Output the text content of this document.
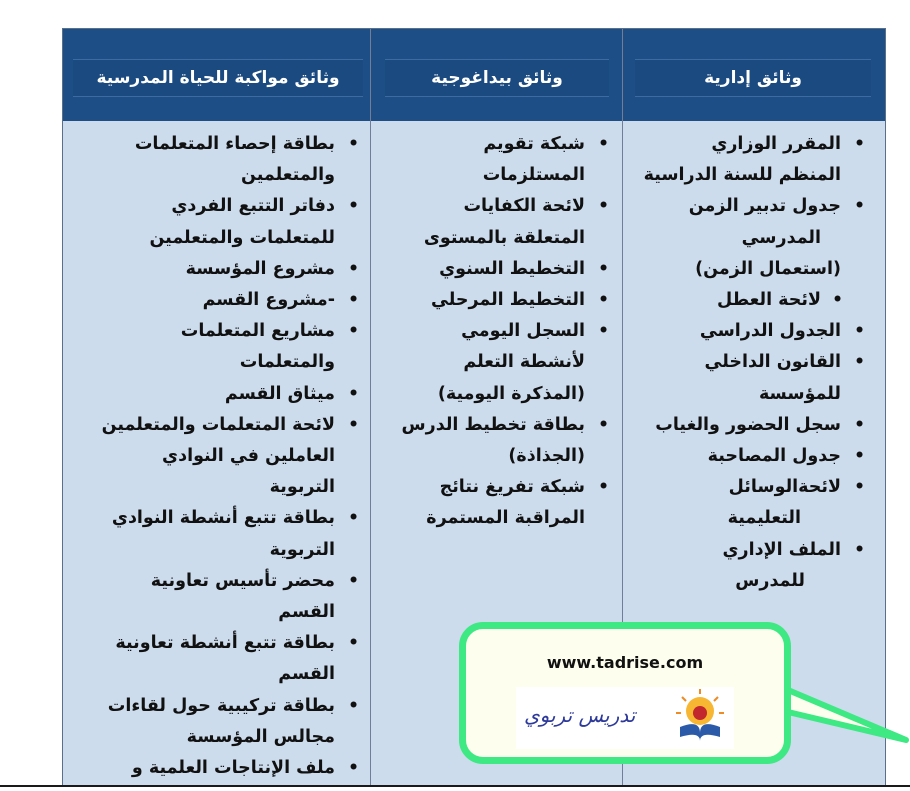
وثائق إدارية
وثائق بيداغوجية
وثائق مواكبة للحياة المدرسية
• المقرر الوزاري
المنظم للسنة الدراسية
• جدول تدبير الزمن
المدرسي
(استعمال الزمن)
• لائحة العطل
• الجدول الدراسي
• القانون الداخلي
للمؤسسة
• سجل الحضور والغياب
• جدول المصاحبة
• لائحةالوسائل
التعليمية
• الملف الإداري
للمدرس
• شبكة تقويم
المستلزمات
• لائحة الكفايات
المتعلقة بالمستوى
• التخطيط السنوي
• التخطيط المرحلي
• السجل اليومي
لأنشطة التعلم
(المذكرة اليومية)
• بطاقة تخطيط الدرس
(الجذاذة)
• شبكة تفريغ نتائج
المراقبة المستمرة
• بطاقة إحصاء المتعلمات
والمتعلمين
• دفاتر التتبع الفردي
للمتعلمات والمتعلمين
• مشروع المؤسسة
• -مشروع القسم
• مشاريع المتعلمات
والمتعلمات
• ميثاق القسم
• لائحة المتعلمات والمتعلمين
العاملين في النوادي
التربوية
• بطاقة تتبع أنشطة النوادي
التربوية
• محضر تأسيس تعاونية
القسم
• بطاقة تتبع أنشطة تعاونية
القسم
• بطاقة تركيبية حول لقاءات
مجالس المؤسسة
• ملف الإنتاجات العلمية و
www.tadrise.com
تدريس تربوي
